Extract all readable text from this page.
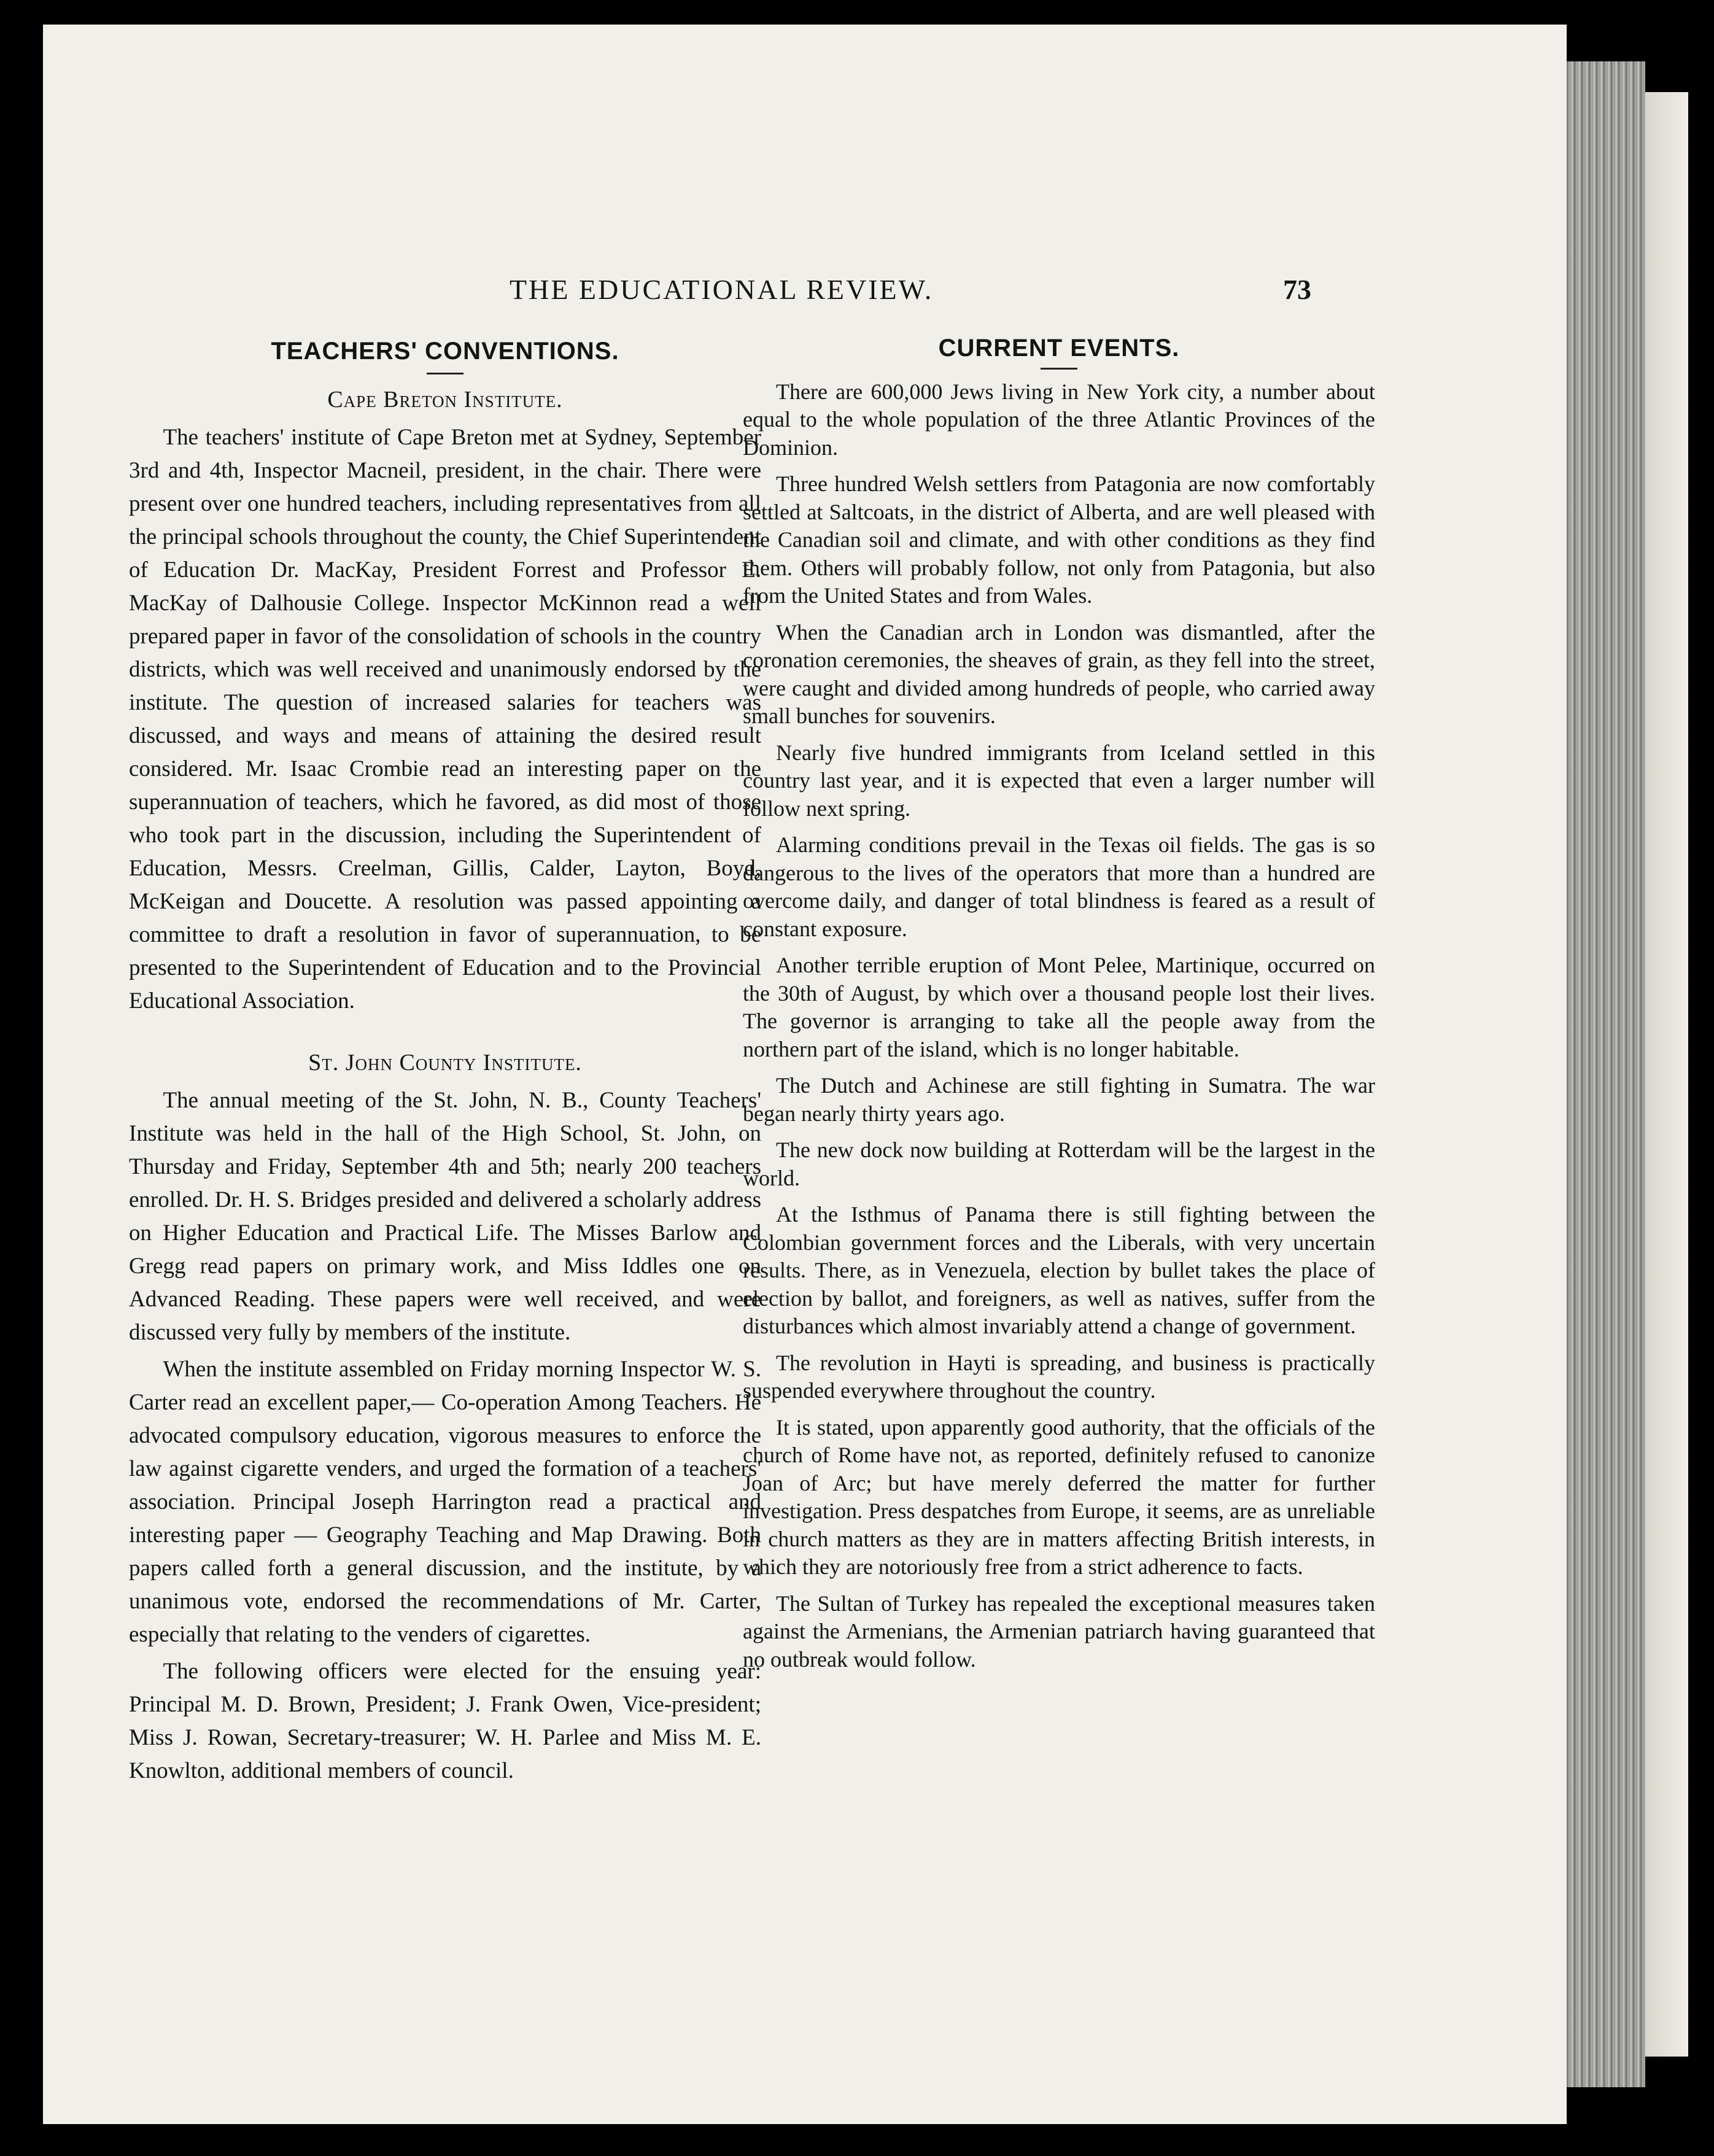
THE EDUCATIONAL REVIEW.	73
TEACHERS' CONVENTIONS.
Cape Breton Institute.

The teachers' institute of Cape Breton met at Sydney, September 3rd and 4th, Inspector Macneil, president, in the chair. There were present over one hundred teachers, including representatives from all the principal schools throughout the county, the Chief Superintendent of Education Dr. MacKay, President Forrest and Professor E. MacKay of Dalhousie College. Inspector McKinnon read a well prepared paper in favor of the consolidation of schools in the country districts, which was well received and unanimously endorsed by the institute. The question of increased salaries for teachers was discussed, and ways and means of attaining the desired result considered. Mr. Isaac Crombie read an interesting paper on the superannuation of teachers, which he favored, as did most of those who took part in the discussion, including the Superintendent of Education, Messrs. Creelman, Gillis, Calder, Layton, Boyd, McKeigan and Doucette. A resolution was passed appointing a committee to draft a resolution in favor of superannuation, to be presented to the Superintendent of Education and to the Provincial Educational Association.

St. John County Institute.

The annual meeting of the St. John, N. B., County Teachers' Institute was held in the hall of the High School, St. John, on Thursday and Friday, September 4th and 5th; nearly 200 teachers enrolled. Dr. H. S. Bridges presided and delivered a scholarly address on Higher Education and Practical Life. The Misses Barlow and Gregg read papers on primary work, and Miss Iddles one on Advanced Reading. These papers were well received, and were discussed very fully by members of the institute.

When the institute assembled on Friday morning Inspector W. S. Carter read an excellent paper,— Co-operation Among Teachers. He advocated compulsory education, vigorous measures to enforce the law against cigarette venders, and urged the formation of a teachers' association. Principal Joseph Harrington read a practical and interesting paper — Geography Teaching and Map Drawing. Both papers called forth a general discussion, and the institute, by a unanimous vote, endorsed the recommendations of Mr. Carter, especially that relating to the venders of cigarettes.

The following officers were elected for the ensuing year: Principal M. D. Brown, President; J. Frank Owen, Vice-president; Miss J. Rowan, Secretary-treasurer; W. H. Parlee and Miss M. E. Knowlton, additional members of council.

CURRENT EVENTS.

There are 600,000 Jews living in New York city, a number about equal to the whole population of the three Atlantic Provinces of the Dominion.

Three hundred Welsh settlers from Patagonia are now comfortably settled at Saltcoats, in the district of Alberta, and are well pleased with the Canadian soil and climate, and with other conditions as they find them. Others will probably follow, not only from Patagonia, but also from the United States and from Wales.

When the Canadian arch in London was dismantled, after the coronation ceremonies, the sheaves of grain, as they fell into the street, were caught and divided among hundreds of people, who carried away small bunches for souvenirs.

Nearly five hundred immigrants from Iceland settled in this country last year, and it is expected that even a larger number will follow next spring.

Alarming conditions prevail in the Texas oil fields. The gas is so dangerous to the lives of the operators that more than a hundred are overcome daily, and danger of total blindness is feared as a result of constant exposure.

Another terrible eruption of Mont Pelee, Martinique, occurred on the 30th of August, by which over a thousand people lost their lives. The governor is arranging to take all the people away from the northern part of the island, which is no longer habitable.

The Dutch and Achinese are still fighting in Sumatra. The war began nearly thirty years ago.

The new dock now building at Rotterdam will be the largest in the world.

At the Isthmus of Panama there is still fighting between the Colombian government forces and the Liberals, with very uncertain results. There, as in Venezuela, election by bullet takes the place of election by ballot, and foreigners, as well as natives, suffer from the disturbances which almost invariably attend a change of government.

The revolution in Hayti is spreading, and business is practically suspended everywhere throughout the country.

It is stated, upon apparently good authority, that the officials of the church of Rome have not, as reported, definitely refused to canonize Joan of Arc; but have merely deferred the matter for further investigation. Press despatches from Europe, it seems, are as unreliable in church matters as they are in matters affecting British interests, in which they are notoriously free from a strict adherence to facts.

The Sultan of Turkey has repealed the exceptional measures taken against the Armenians, the Armenian patriarch having guaranteed that no outbreak would follow.
